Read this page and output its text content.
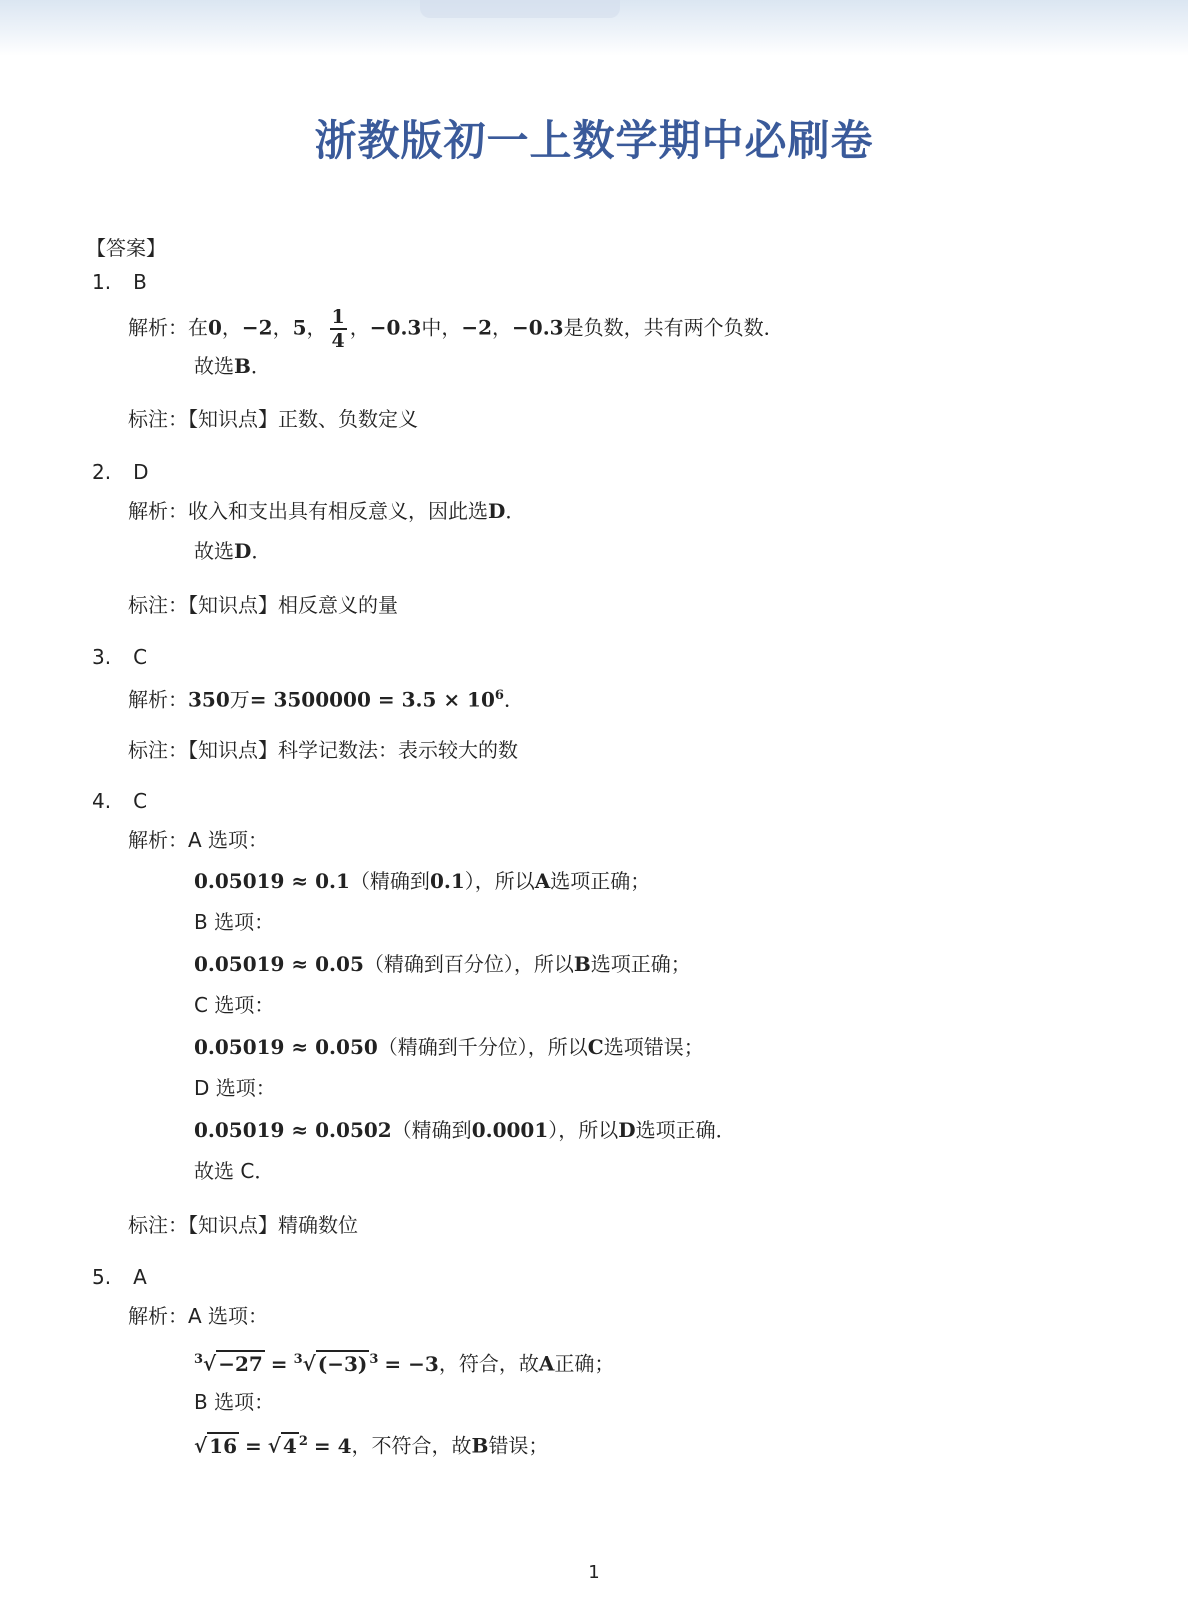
浙教版初一上数学期中必刷卷
【答案】
1. B
解析：在0，−2，5， $\frac{1}{4}$ ，−0.3中，−2，−0.3是负数，共有两个负数．
故选B．
标注：【知识点】正数、负数定义
2. D
解析：收入和支出具有相反意义，因此选D．
故选D．
标注：【知识点】相反意义的量
3. C
解析：350万= $3500000 = 3.5 \times 10^6$．
标注：【知识点】科学记数法：表示较大的数
4. C
解析：A 选项：
0.05019 ≈ 0.1（精确到0.1），所以A选项正确；
B 选项：
0.05019 ≈ 0.05（精确到百分位），所以B选项正确；
C 选项：
0.05019 ≈ 0.050（精确到千分位），所以C选项错误；
D 选项：
0.05019 ≈ 0.0502（精确到0.0001），所以D选项正确．
故选 C．
标注：【知识点】精确数位
5. A
解析：A 选项：
$^3$√ −27 = $^3$√ (−3) $^3$ = −3，符合，故A正确；
B 选项：
√ 16 = √ 4 $^2$ = 4，不符合，故B错误；
1
